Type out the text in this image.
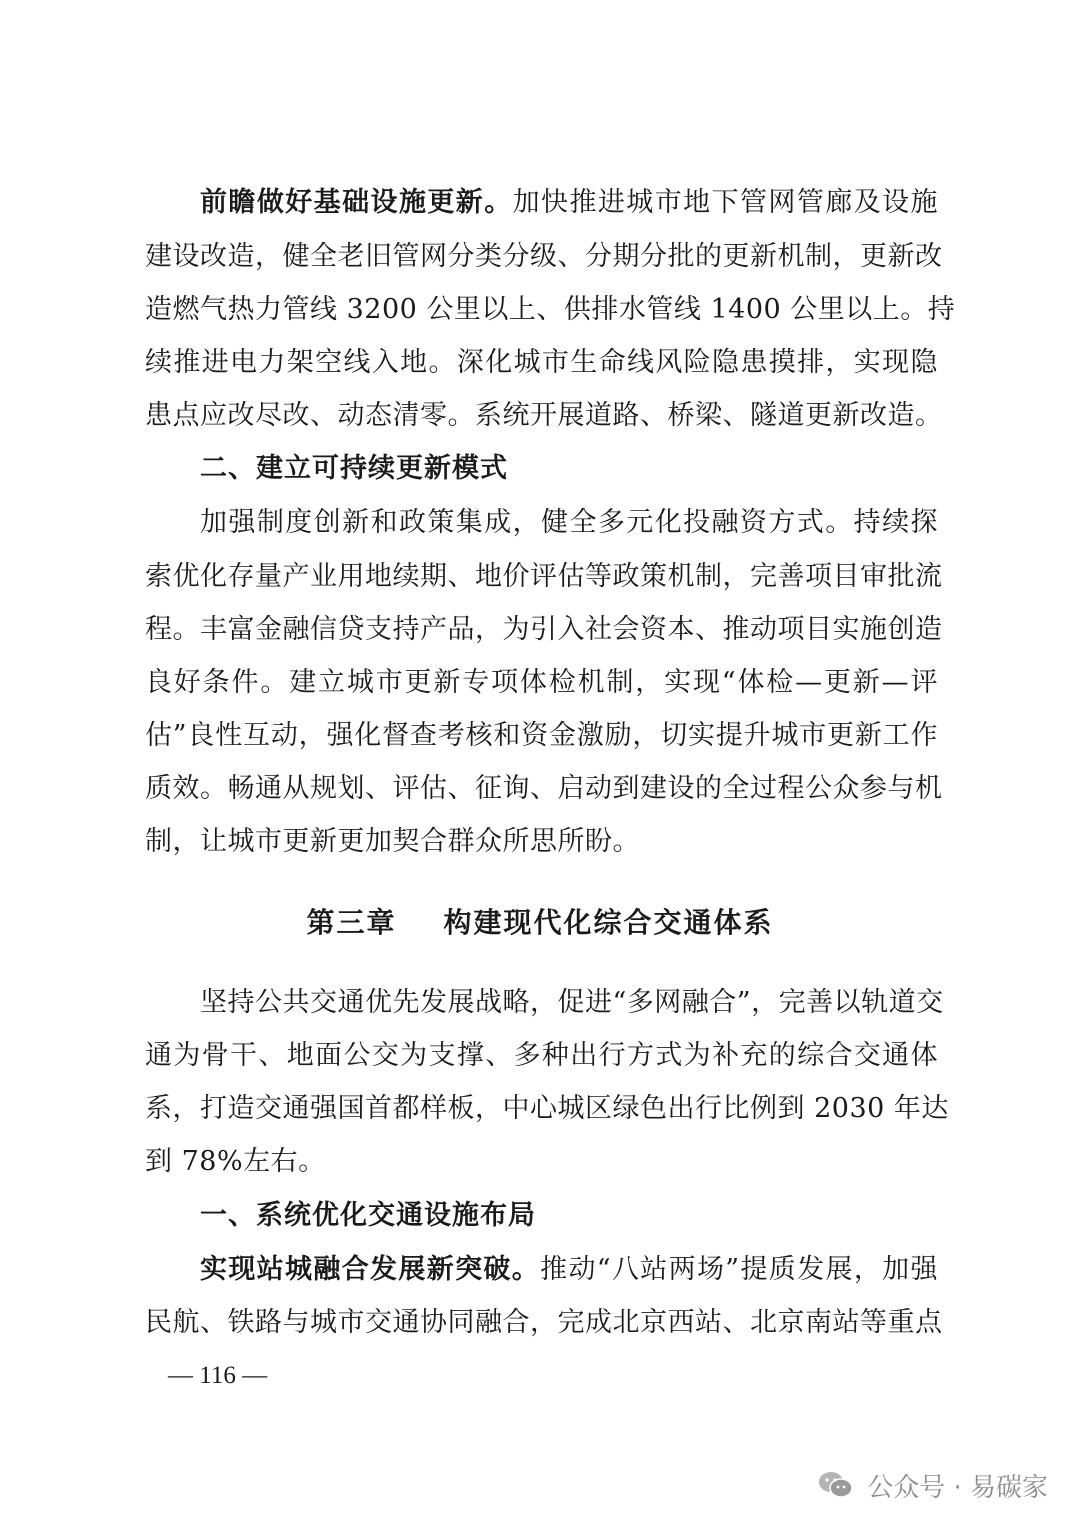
前瞻做好基础设施更新。加快推进城市地下管网管廊及设施
建设改造，健全老旧管网分类分级、分期分批的更新机制，更新改
造燃气热力管线 3200 公里以上、供排水管线 1400 公里以上。持
续推进电力架空线入地。深化城市生命线风险隐患摸排，实现隐
患点应改尽改、动态清零。系统开展道路、桥梁、隧道更新改造。
二、建立可持续更新模式
加强制度创新和政策集成，健全多元化投融资方式。持续探
索优化存量产业用地续期、地价评估等政策机制，完善项目审批流
程。丰富金融信贷支持产品，为引入社会资本、推动项目实施创造
良好条件。建立城市更新专项体检机制，实现“体检—更新—评
估”良性互动，强化督查考核和资金激励，切实提升城市更新工作
质效。畅通从规划、评估、征询、启动到建设的全过程公众参与机
制，让城市更新更加契合群众所思所盼。
第三章 构建现代化综合交通体系
坚持公共交通优先发展战略，促进“多网融合”，完善以轨道交
通为骨干、地面公交为支撑、多种出行方式为补充的综合交通体
系，打造交通强国首都样板，中心城区绿色出行比例到 2030 年达
到 78%左右。
一、系统优化交通设施布局
实现站城融合发展新突破。推动“八站两场”提质发展，加强
民航、铁路与城市交通协同融合，完成北京西站、北京南站等重点
— 116 —
公众号 · 易碳家
